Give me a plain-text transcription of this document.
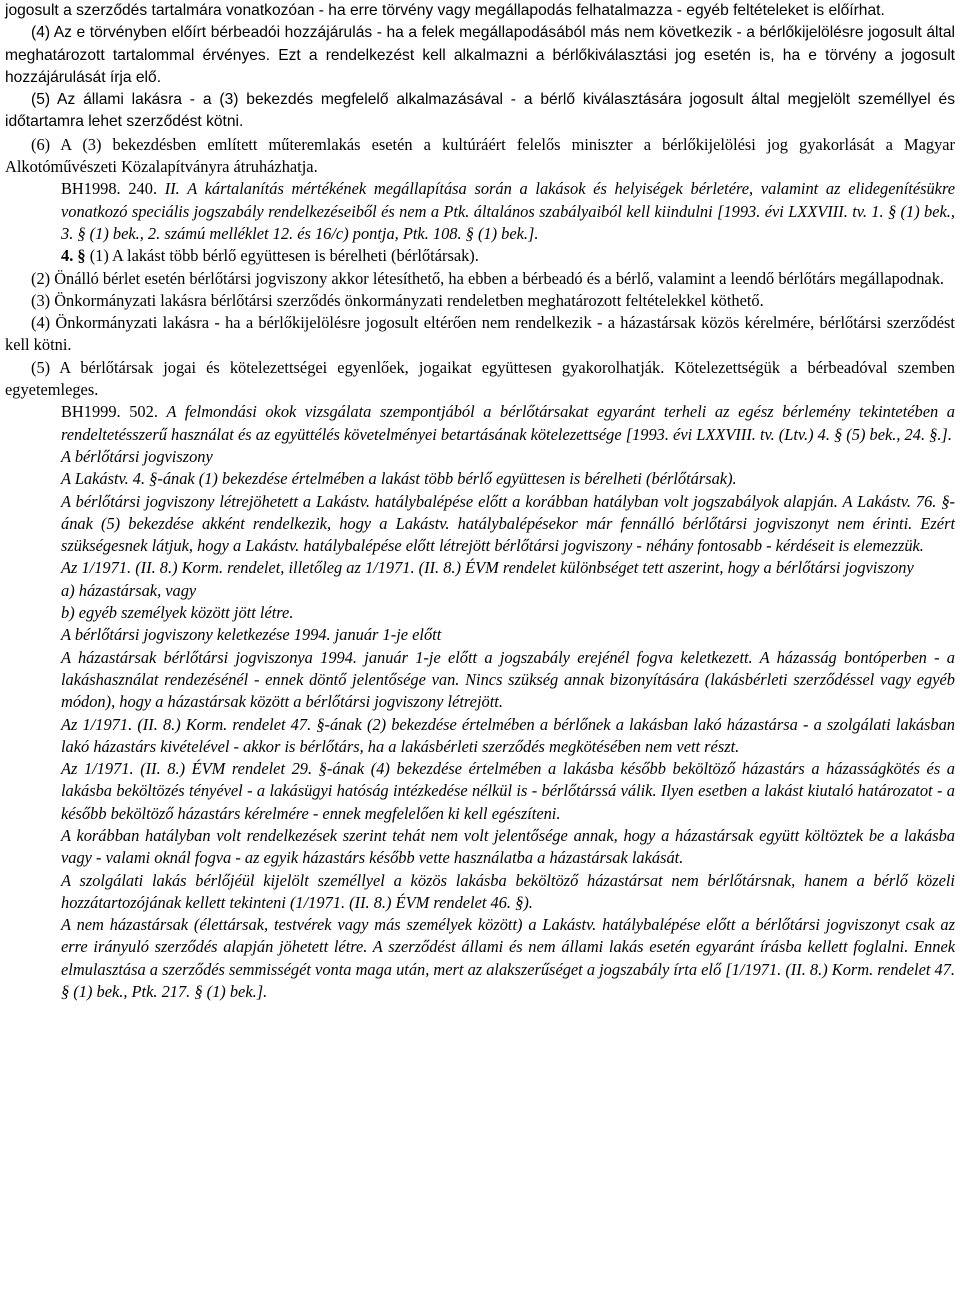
jogosult a szerződés tartalmára vonatkozóan - ha erre törvény vagy megállapodás felhatalmazza - egyéb feltételeket is előírhat.

(4) Az e törvényben előírt bérbeadói hozzájárulás - ha a felek megállapodásából más nem következik - a bérlőkijelölésre jogosult által meghatározott tartalommal érvényes. Ezt a rendelkezést kell alkalmazni a bérlőkiválasztási jog esetén is, ha e törvény a jogosult hozzájárulását írja elő.

(5) Az állami lakásra - a (3) bekezdés megfelelő alkalmazásával - a bérlő kiválasztására jogosult által megjelölt személlyel és időtartamra lehet szerződést kötni.

(6) A (3) bekezdésben említett műteremlakás esetén a kultúráért felelős miniszter a bérlőkijelölési jog gyakorlását a Magyar Alkotóművészeti Közalapítványra átruházhatja.

BH1998. 240. II. A kártalanítás mértékének megállapítása során a lakások és helyiségek bérletére, valamint az elidegenítésükre vonatkozó speciális jogszabály rendelkezéseiből és nem a Ptk. általános szabályaiból kell kiindulni [1993. évi LXXVIII. tv. 1. § (1) bek., 3. § (1) bek., 2. számú melléklet 12. és 16/c) pontja, Ptk. 108. § (1) bek.].

4. § (1) A lakást több bérlő együttesen is bérelheti (bérlőtársak).

(2) Önálló bérlet esetén bérlőtársi jogviszony akkor létesíthető, ha ebben a bérbeadó és a bérlő, valamint a leendő bérlőtárs megállapodnak.

(3) Önkormányzati lakásra bérlőtársi szerződés önkormányzati rendeletben meghatározott feltételekkel köthető.

(4) Önkormányzati lakásra - ha a bérlőkijelölésre jogosult eltérően nem rendelkezik - a házastársak közös kérelmére, bérlőtársi szerződést kell kötni.

(5) A bérlőtársak jogai és kötelezettségei egyenlőek, jogaikat együttesen gyakorolhatják. Kötelezettségük a bérbeadóval szemben egyetemleges.

BH1999. 502. A felmondási okok vizsgálata szempontjából a bérlőtársakat egyaránt terheli az egész bérlemény tekintetében a rendeltetésszerű használat és az együttélés követelményei betartásának kötelezettsége [1993. évi LXXVIII. tv. (Ltv.) 4. § (5) bek., 24. §.].

A bérlőtársi jogviszony

A Lakástv. 4. §-ának (1) bekezdése értelmében a lakást több bérlő együttesen is bérelheti (bérlőtársak).

A bérlőtársi jogviszony létrejöhetett a Lakástv. hatálybalépése előtt a korábban hatályban volt jogszabályok alapján. A Lakástv. 76. §-ának (5) bekezdése akként rendelkezik, hogy a Lakástv. hatálybalépésekor már fennálló bérlőtársi jogviszonyt nem érinti. Ezért szükségesnek látjuk, hogy a Lakástv. hatálybalépése előtt létrejött bérlőtársi jogviszony - néhány fontosabb - kérdéseit is elemezzük.

Az 1/1971. (II. 8.) Korm. rendelet, illetőleg az 1/1971. (II. 8.) ÉVM rendelet különbséget tett aszerint, hogy a bérlőtársi jogviszony

a) házastársak, vagy

b) egyéb személyek között jött létre.

A bérlőtársi jogviszony keletkezése 1994. január 1-je előtt

A házastársak bérlőtársi jogviszonya 1994. január 1-je előtt a jogszabály erejénél fogva keletkezett. A házasság bontóperben - a lakáshasználat rendezésénél - ennek döntő jelentősége van. Nincs szükség annak bizonyítására (lakásbérleti szerződéssel vagy egyéb módon), hogy a házastársak között a bérlőtársi jogviszony létrejött.

Az 1/1971. (II. 8.) Korm. rendelet 47. §-ának (2) bekezdése értelmében a bérlőnek a lakásban lakó házastársa - a szolgálati lakásban lakó házastárs kivételével - akkor is bérlőtárs, ha a lakásbérleti szerződés megkötésében nem vett részt.

Az 1/1971. (II. 8.) ÉVM rendelet 29. §-ának (4) bekezdése értelmében a lakásba később beköltöző házastárs a házasságkötés és a lakásba beköltözés tényével - a lakásügyi hatóság intézkedése nélkül is - bérlőtárssá válik. Ilyen esetben a lakást kiutaló határozatot - a később beköltöző házastárs kérelmére - ennek megfelelően ki kell egészíteni.

A korábban hatályban volt rendelkezések szerint tehát nem volt jelentősége annak, hogy a házastársak együtt költöztek be a lakásba vagy - valami oknál fogva - az egyik házastárs később vette használatba a házastársak lakását.

A szolgálati lakás bérlőjéül kijelölt személlyel a közös lakásba beköltöző házastársat nem bérlőtársnak, hanem a bérlő közeli hozzátartozójának kellett tekinteni (1/1971. (II. 8.) ÉVM rendelet 46. §).

A nem házastársak (élettársak, testvérek vagy más személyek között) a Lakástv. hatálybalépése előtt a bérlőtársi jogviszonyt csak az erre irányuló szerződés alapján jöhetett létre. A szerződést állami és nem állami lakás esetén egyaránt írásba kellett foglalni. Ennek elmulasztása a szerződés semmisségét vonta maga után, mert az alakszerűséget a jogszabály írta elő [1/1971. (II. 8.) Korm. rendelet 47. § (1) bek., Ptk. 217. § (1) bek.].
